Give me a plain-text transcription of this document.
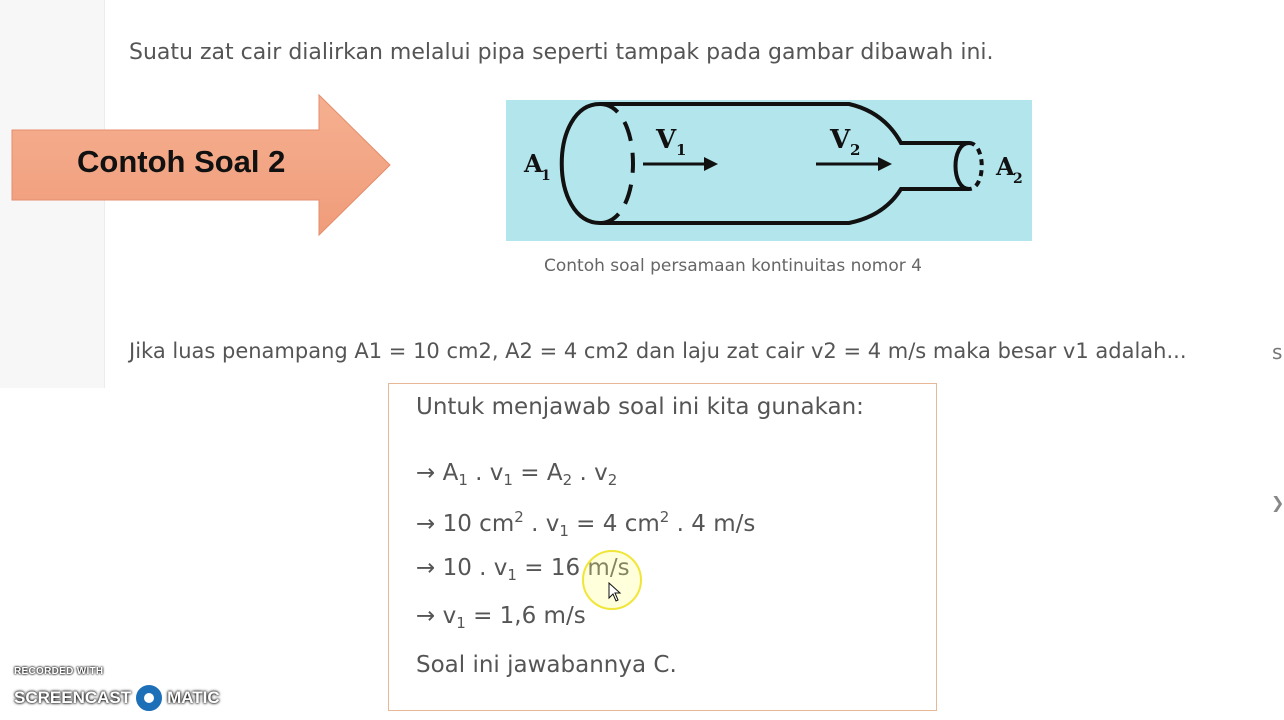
Suatu zat cair dialirkan melalui pipa seperti tampak pada gambar dibawah ini.
Contoh Soal 2	A
1
V 1	V 2
A
2
Contoh soal persamaan kontinuitas nomor 4
Jika luas penampang A1 = 10 cm2, A2 = 4 cm2 dan laju zat cair v2 = 4 m/s maka besar v1 adalah...	s
❯
Untuk menjawab soal ini kita gunakan:
→ $A_1$ . $v_1 = A_2$ . $v_2$
→ 10 $cm^2$ . $v_1 = 4$ $cm^2$ . 4 m/s
→ 10 . $v_1 = 16$ m/s
→ $v_1 = 1,6$ m/s
Soal ini jawabannya C.
RECORDED WITH
SCREENCAST MATIC
